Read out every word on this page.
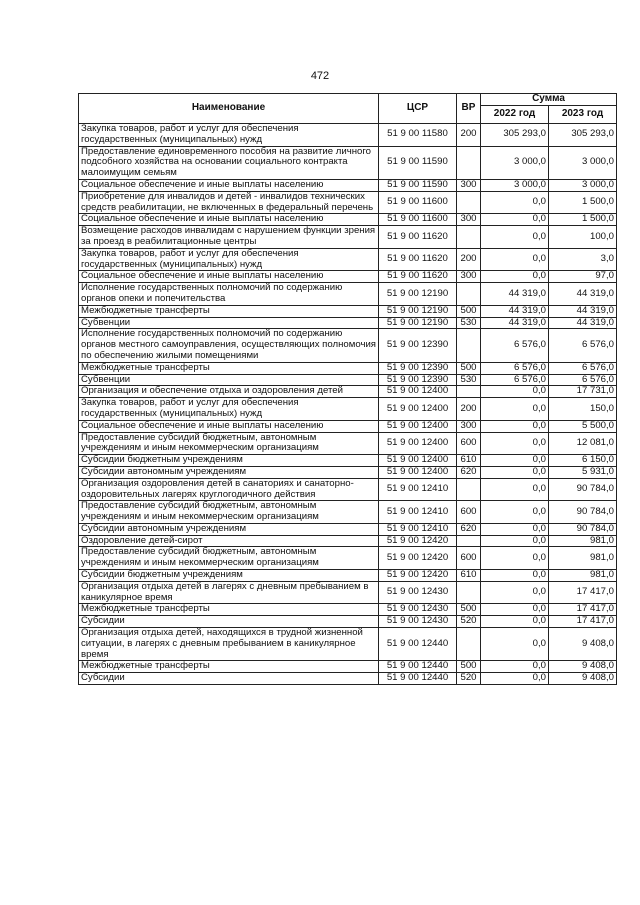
472
Наименование	ЦСР	ВР	Сумма	
			2022 год	2023 год
Закупка товаров, работ и услуг для обеспечения государственных (муниципальных) нужд	51 9 00 11580	200	305 293,0	305 293,0
Предоставление единовременного пособия на развитие личного подсобного хозяйства на основании социального контракта малоимущим семьям	51 9 00 11590		3 000,0	3 000,0
Социальное обеспечение и иные выплаты населению	51 9 00 11590	300	3 000,0	3 000,0
Приобретение для инвалидов и детей - инвалидов технических средств реабилитации, не включенных в федеральный перечень	51 9 00 11600		0,0	1 500,0
Социальное обеспечение и иные выплаты населению	51 9 00 11600	300	0,0	1 500,0
Возмещение расходов инвалидам с нарушением функции зрения за проезд в реабилитационные центры	51 9 00 11620		0,0	100,0
Закупка товаров, работ и услуг для обеспечения государственных (муниципальных) нужд	51 9 00 11620	200	0,0	3,0
Социальное обеспечение и иные выплаты населению	51 9 00 11620	300	0,0	97,0
Исполнение государственных полномочий по содержанию органов опеки и попечительства	51 9 00 12190		44 319,0	44 319,0
Межбюджетные трансферты	51 9 00 12190	500	44 319,0	44 319,0
Субвенции	51 9 00 12190	530	44 319,0	44 319,0
Исполнение государственных полномочий по содержанию органов местного самоуправления, осуществляющих полномочия по обеспечению жилыми помещениями	51 9 00 12390		6 576,0	6 576,0
Межбюджетные трансферты	51 9 00 12390	500	6 576,0	6 576,0
Субвенции	51 9 00 12390	530	6 576,0	6 576,0
Организация и обеспечение отдыха и оздоровления детей	51 9 00 12400		0,0	17 731,0
Закупка товаров, работ и услуг для обеспечения государственных (муниципальных) нужд	51 9 00 12400	200	0,0	150,0
Социальное обеспечение и иные выплаты населению	51 9 00 12400	300	0,0	5 500,0
Предоставление субсидий бюджетным, автономным учреждениям и иным некоммерческим организациям	51 9 00 12400	600	0,0	12 081,0
Субсидии бюджетным учреждениям	51 9 00 12400	610	0,0	6 150,0
Субсидии автономным учреждениям	51 9 00 12400	620	0,0	5 931,0
Организация оздоровления детей в санаториях и санаторно-оздоровительных лагерях круглогодичного действия	51 9 00 12410		0,0	90 784,0
Предоставление субсидий бюджетным, автономным учреждениям и иным некоммерческим организациям	51 9 00 12410	600	0,0	90 784,0
Субсидии автономным учреждениям	51 9 00 12410	620	0,0	90 784,0
Оздоровление детей-сирот	51 9 00 12420		0,0	981,0
Предоставление субсидий бюджетным, автономным учреждениям и иным некоммерческим организациям	51 9 00 12420	600	0,0	981,0
Субсидии бюджетным учреждениям	51 9 00 12420	610	0,0	981,0
Организация отдыха детей в лагерях с дневным пребыванием в каникулярное время	51 9 00 12430		0,0	17 417,0
Межбюджетные трансферты	51 9 00 12430	500	0,0	17 417,0
Субсидии	51 9 00 12430	520	0,0	17 417,0
Организация отдыха детей, находящихся в трудной жизненной ситуации, в лагерях с дневным пребыванием в каникулярное время	51 9 00 12440		0,0	9 408,0
Межбюджетные трансферты	51 9 00 12440	500	0,0	9 408,0
Субсидии	51 9 00 12440	520	0,0	9 408,0
